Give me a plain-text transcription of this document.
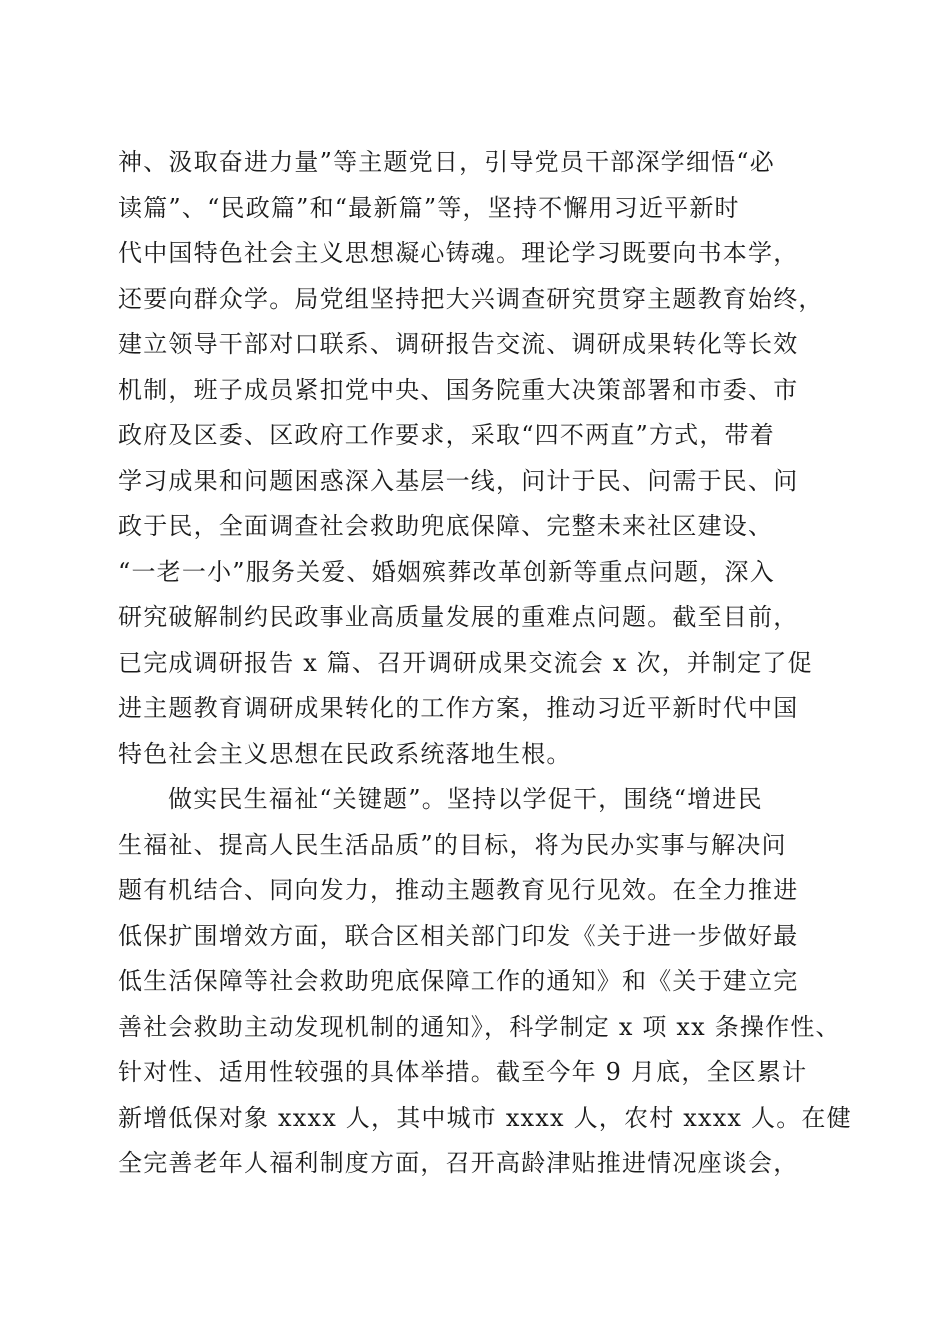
神、汲取奋进力量”等主题党日，引导党员干部深学细悟“必
读篇”、“民政篇”和“最新篇”等，坚持不懈用习近平新时
代中国特色社会主义思想凝心铸魂。理论学习既要向书本学，
还要向群众学。局党组坚持把大兴调查研究贯穿主题教育始终，
建立领导干部对口联系、调研报告交流、调研成果转化等长效
机制，班子成员紧扣党中央、国务院重大决策部署和市委、市
政府及区委、区政府工作要求，采取“四不两直”方式，带着
学习成果和问题困惑深入基层一线，问计于民、问需于民、问
政于民，全面调查社会救助兜底保障、完整未来社区建设、
“一老一小”服务关爱、婚姻殡葬改革创新等重点问题，深入
研究破解制约民政事业高质量发展的重难点问题。截至目前，
已完成调研报告 x 篇、召开调研成果交流会 x 次，并制定了促
进主题教育调研成果转化的工作方案，推动习近平新时代中国
特色社会主义思想在民政系统落地生根。
做实民生福祉“关键题”。坚持以学促干，围绕“增进民
生福祉、提高人民生活品质”的目标，将为民办实事与解决问
题有机结合、同向发力，推动主题教育见行见效。在全力推进
低保扩围增效方面，联合区相关部门印发《关于进一步做好最
低生活保障等社会救助兜底保障工作的通知》和《关于建立完
善社会救助主动发现机制的通知》，科学制定 x 项 xx 条操作性、
针对性、适用性较强的具体举措。截至今年 9 月底，全区累计
新增低保对象 xxxx 人，其中城市 xxxx 人，农村 xxxx 人。在健
全完善老年人福利制度方面，召开高龄津贴推进情况座谈会，
